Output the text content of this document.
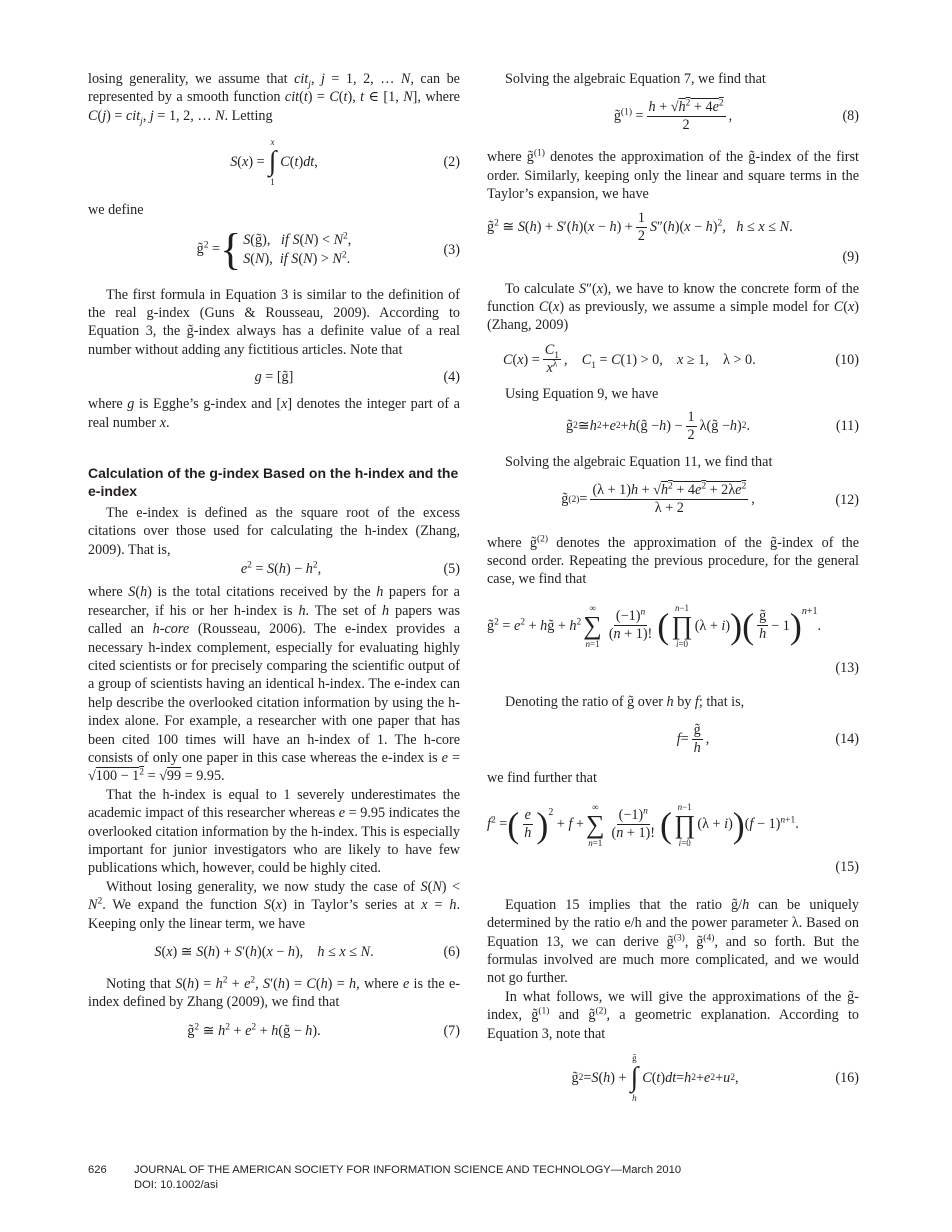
losing generality, we assume that cit$_j$, j = 1, 2, … N, can be represented by a smooth function cit(t) = C(t), t ∈ [1, N], where C(j) = cit$_j$, j = 1, 2, … N. Letting

S(x) =
x
∫
1
C(t)dt,	(2)

we define

g̃$^2$ = { S(g̃),   if $S(N) < N^2$,
S(N),  if $S(N) > N^2$.
(3)

The first formula in Equation 3 is similar to the definition of the real g-index (Guns & Rousseau, 2009). According to Equation 3, the g̃-index always has a definite value of a real number without adding any fictitious articles. Note that

g = [g̃]	(4)

where g is Egghe’s g-index and [x] denotes the integer part of a real number x.

Calculation of the g-index Based on the h-index and the e-index

The e-index is defined as the square root of the excess citations over those used for calculating the h-index (Zhang, 2009). That is,

$e^2 = S(h) - h^2$,	(5)

where S(h) is the total citations received by the h papers for a researcher, if his or her h-index is h. The set of h papers was called an h-core (Rousseau, 2006). The e-index provides a necessary h-index complement, especially for evaluating highly cited scientists or for precisely comparing the scientific output of a group of scientists having an identical h-index. The e-index can help describe the overlooked citation information by using the h-index alone. For example, a researcher with one paper that has been cited 100 times will have an h-index of 1. The h-core consists of only one paper in this case whereas the e-index is $e = √100 - 1^2 = √99 = 9.95$.

That the h-index is equal to 1 severely underestimates the academic impact of this researcher whereas e = 9.95 indicates the overlooked citation information by the h-index. This is especially important for junior investigators who are likely to have few publications which, however, could be highly cited.

Without losing generality, we now study the case of $S(N) < N^2$. We expand the function S(x) in Taylor’s series at x = h. Keeping only the linear term, we have

S(x) ≅ S(h) + S′(h)(x − h),    h ≤ x ≤ N.	(6)

Noting that $S(h) = h^2 + e^2$, S′(h) = C(h) = h, where e is the e-index defined by Zhang (2009), we find that

g̃$^2$ ≅ $h^2 + e^2$ + h(g̃ − h).	(7)

Solving the algebraic Equation 7, we find that

g̃$^{(1)}$ = $\frac{h + √h^2 + 4e^2}{2}$ ,	(8)

where g̃$^{(1)}$ denotes the approximation of the g̃-index of the first order. Similarly, keeping only the linear and square terms in the Taylor’s expansion, we have

g̃$^2$ ≅ $S(h) + S'(h)(x - h) + \frac{1}{2} S''(h)(x - h)^2$,   h ≤ x ≤ N.
(9)

To calculate S″(x), we have to know the concrete form of the function C(x) as previously, we assume a simple model for C(x) (Zhang, 2009)

$C(x) = \frac{C_1}{x^\lambda}$ ,    $C_1 = C(1) > 0$,    x ≥ 1,    λ > 0.	(10)

Using Equation 9, we have

g̃ 2 ≅ h 2 + e 2 + h (g̃ − h ) − $\frac{1}{2}$ λ(g̃ − h ) 2 .	(11)

Solving the algebraic Equation 11, we find that

g̃ $(2) = \frac{(\lambda + 1)h + √h^2 + 4e^2 + 2\lambda e^2}{\lambda + 2}$ ,	(12)

where g̃$^{(2)}$ denotes the approximation of the g̃-index of the second order. Repeating the previous procedure, for the general case, we find that

g̃$^2$ = $e^2$ + hg̃ + $h^2$
∞
∑
n=1
$\frac{(-1)^n}{(n + 1)!}$ ( n−1
∏
i=0
(λ + i) ) ( $\frac{g̃}{h} - 1$ ) n+1
.
(13)

Denoting the ratio of g̃ over h by f; that is,

$f = \frac{g̃}{h}$ ,	(14)

we find further that

$f^2$ = ( $\frac{e}{h}$ ) 2
+ f +
∞
∑
n=1
$\frac{(-1)^n}{(n + 1)!}$ ( n−1
∏
i=0
(λ + i) ) $(f - 1)^{n+1}$.
(15)

Equation 15 implies that the ratio g̃/h can be uniquely determined by the ratio e/h and the power parameter λ. Based on Equation 13, we can derive g̃$^{(3)}$, g̃$^{(4)}$, and so forth. But the formulas involved are much more complicated, and we would not go further.

In what follows, we will give the approximations of the g̃-index, g̃$^{(1)}$ and g̃$^{(2)}$, a geometric explanation. According to Equation 3, note that

g̃ 2 = S ( h ) +
g̃
∫
h
C ( t ) dt = h 2 + e 2 + u 2 ,	(16)
626 JOURNAL OF THE AMERICAN SOCIETY FOR INFORMATION SCIENCE AND TECHNOLOGY—March 2010
DOI: 10.1002/asi
